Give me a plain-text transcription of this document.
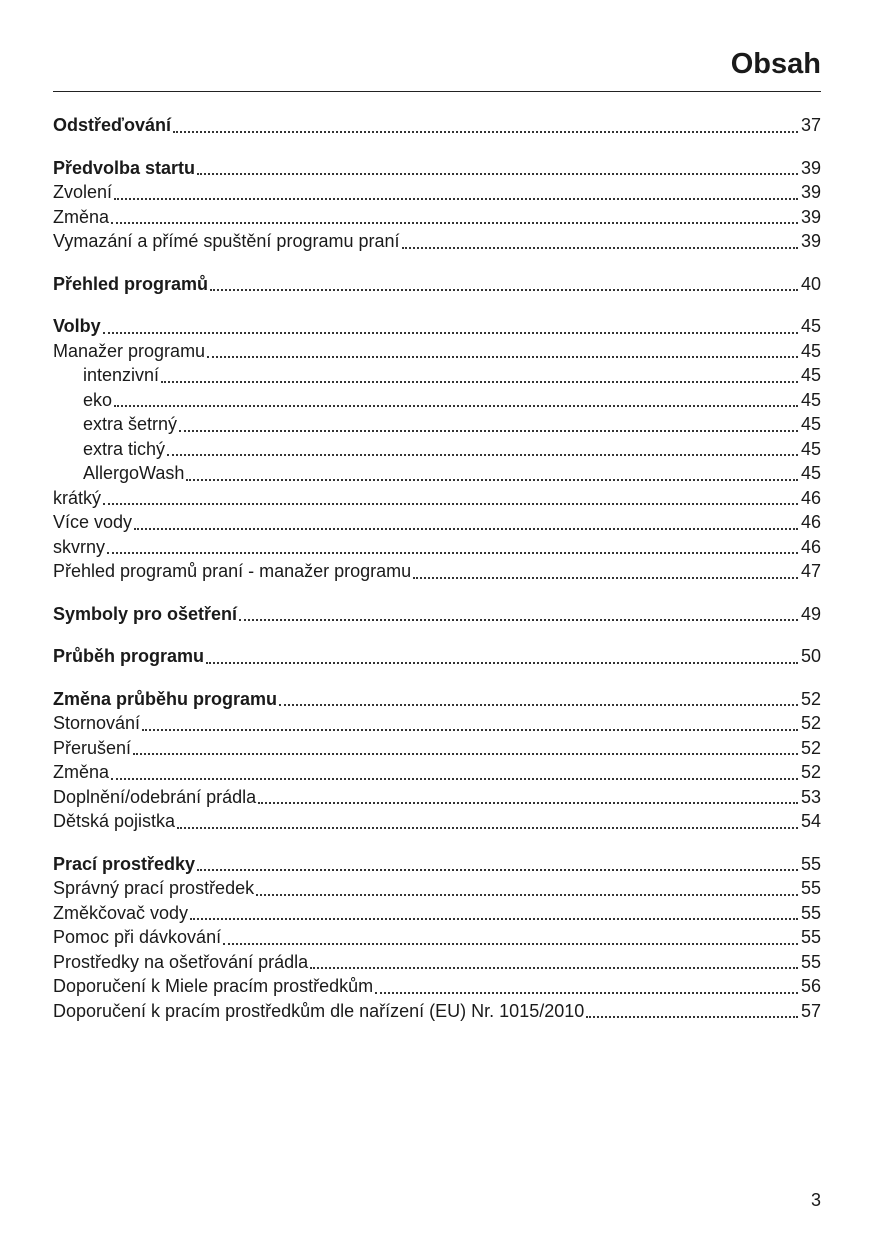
Obsah
Odstřeďování	37
Předvolba startu	39
Zvolení	39
Změna	39
Vymazání a přímé spuštění programu praní	39
Přehled programů	40
Volby	45
Manažer programu	45
intenzivní	45
eko	45
extra šetrný	45
extra tichý	45
AllergoWash	45
krátký	46
Více vody	46
skvrny	46
Přehled programů praní - manažer programu	47
Symboly pro ošetření	49
Průběh programu	50
Změna průběhu programu	52
Stornování	52
Přerušení	52
Změna	52
Doplnění/odebrání prádla	53
Dětská pojistka	54
Prací prostředky	55
Správný prací prostředek	55
Změkčovač vody	55
Pomoc při dávkování	55
Prostředky na ošetřování prádla	55
Doporučení k Miele pracím prostředkům	56
Doporučení k pracím prostředkům dle nařízení (EU) Nr. 1015/2010	57
3
